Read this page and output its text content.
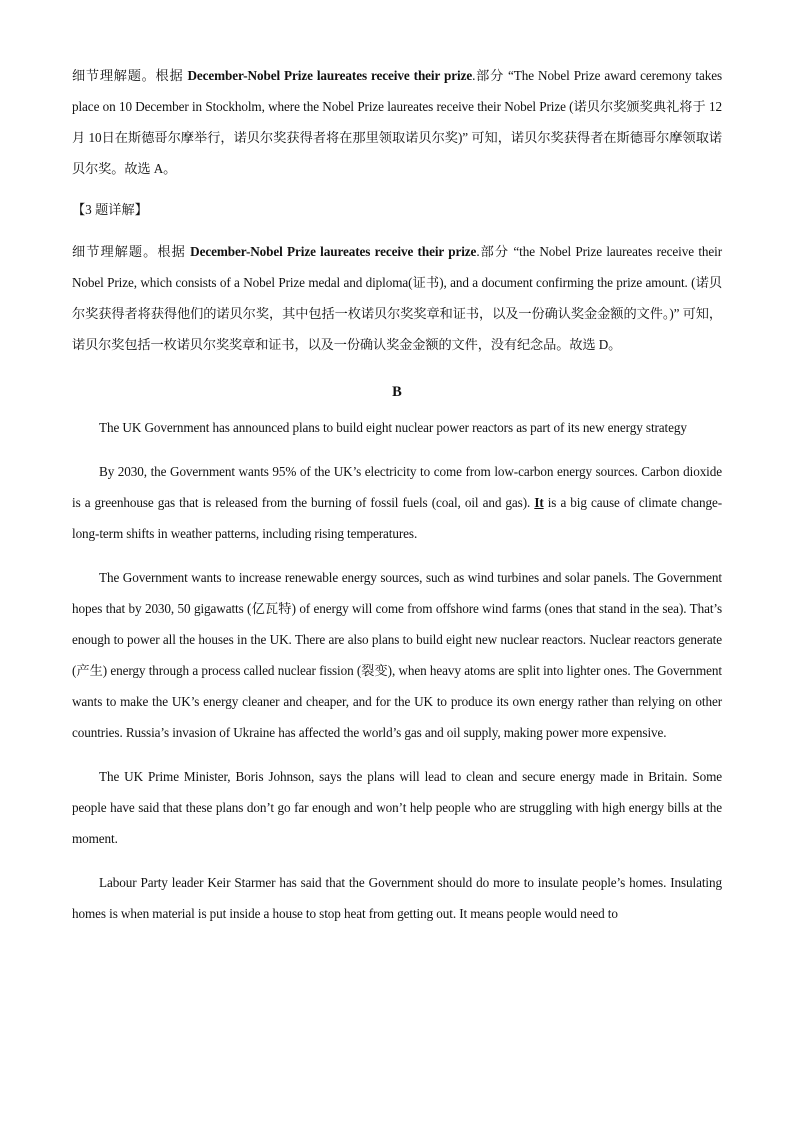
细节理解题。根据 December-Nobel Prize laureates receive their prize.部分 “The Nobel Prize award ceremony takes place on 10 December in Stockholm, where the Nobel Prize laureates receive their Nobel Prize (诺贝尔奖颁奖典礼将于 12 月 10日在斯德哥尔摩举行，诺贝尔奖获得者将在那里领取诺贝尔奖)” 可知，诺贝尔奖获得者在斯德哥尔摩领取诺贝尔奖。故选 A。

【3 题详解】

细节理解题。根据 December-Nobel Prize laureates receive their prize.部分 “the Nobel Prize laureates receive their Nobel Prize, which consists of a Nobel Prize medal and diploma(证书), and a document confirming the prize amount. (诺贝尔奖获得者将获得他们的诺贝尔奖，其中包括一枚诺贝尔奖奖章和证书，以及一份确认奖金金额的文件。)” 可知，诺贝尔奖包括一枚诺贝尔奖奖章和证书，以及一份确认奖金金额的文件，没有纪念品。故选 D。

B

The UK Government has announced plans to build eight nuclear power reactors as part of its new energy strategy

By 2030, the Government wants 95% of the UK’s electricity to come from low-carbon energy sources. Carbon dioxide is a greenhouse gas that is released from the burning of fossil fuels (coal, oil and gas). It is a big cause of climate change- long-term shifts in weather patterns, including rising temperatures.

The Government wants to increase renewable energy sources, such as wind turbines and solar panels. The Government hopes that by 2030, 50 gigawatts (亿瓦特) of energy will come from offshore wind farms (ones that stand in the sea). That’s enough to power all the houses in the UK. There are also plans to build eight new nuclear reactors. Nuclear reactors generate (产生) energy through a process called nuclear fission (裂变), when heavy atoms are split into lighter ones. The Government wants to make the UK’s energy cleaner and cheaper, and for the UK to produce its own energy rather than relying on other countries. Russia’s invasion of Ukraine has affected the world’s gas and oil supply, making power more expensive.

The UK Prime Minister, Boris Johnson, says the plans will lead to clean and secure energy made in Britain. Some people have said that these plans don’t go far enough and won’t help people who are struggling with high energy bills at the moment.

Labour Party leader Keir Starmer has said that the Government should do more to insulate people’s homes. Insulating homes is when material is put inside a house to stop heat from getting out. It means people would need to
